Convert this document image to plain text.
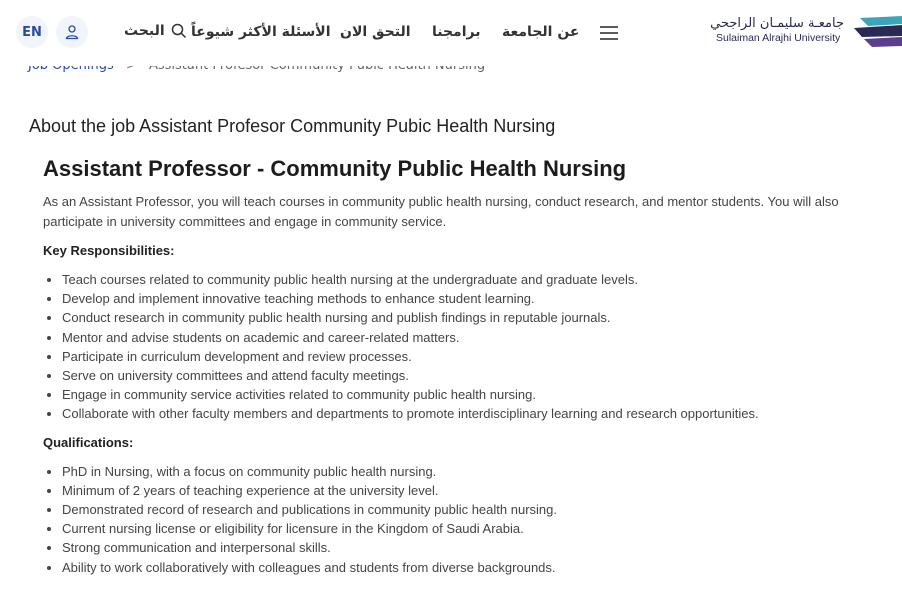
EN	البحث الأسئلة الأكثر شيوعاً التحق الان برامجنا عن الجامعة
جامعـة سليمـان الراجحي
Sulaiman Alrajhi University
About the job Assistant Profesor Community Pubic Health Nursing
Assistant Professor - Community Public Health Nursing

As an Assistant Professor, you will teach courses in community public health nursing, conduct research, and mentor students. You will also participate in university committees and engage in community service.

Key Responsibilities:
• Teach courses related to community public health nursing at the undergraduate and graduate levels.
• Develop and implement innovative teaching methods to enhance student learning.
• Conduct research in community public health nursing and publish findings in reputable journals.
• Mentor and advise students on academic and career-related matters.
• Participate in curriculum development and review processes.
• Serve on university committees and attend faculty meetings.
• Engage in community service activities related to community public health nursing.
• Collaborate with other faculty members and departments to promote interdisciplinary learning and research opportunities.
Qualifications:
• PhD in Nursing, with a focus on community public health nursing.
• Minimum of 2 years of teaching experience at the university level.
• Demonstrated record of research and publications in community public health nursing.
• Current nursing license or eligibility for licensure in the Kingdom of Saudi Arabia.
• Strong communication and interpersonal skills.
• Ability to work collaboratively with colleagues and students from diverse backgrounds.
